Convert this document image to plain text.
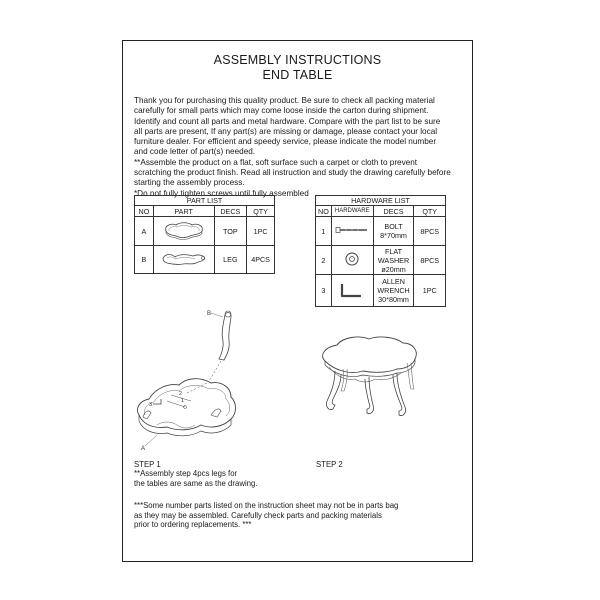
ASSEMBLY INSTRUCTIONS
END TABLE

Thank you for purchasing this quality product. Be sure to check all packing material

carefully for small parts which may come loose inside the carton during shipment.

Identify and count all parts and metal hardware. Compare with the part list to be sure

all parts are present, If any part(s) are missing or damage, please contact your local

furniture dealer. For efficient and speedy service, please indicate the model number

and code letter of part(s) needed.

**Assemble the product on a flat, soft surface such a carpet or cloth to prevent

scratching the product finish. Read all instruction and study the drawing carefully before

starting the assembly process.

*Do not fully tighten screws until fully assembled

PART LIST			
NO	PART	DECS	QTY
A		TOP	1PC
B		LEG	4PCS
HARDWARE LIST			
NO	HARDWARE	DECS	QTY
1		BOLT
8*70mm	8PCS
2		FLAT
WASHER
ø20mm	8PCS
3		ALLEN
WRENCH
30*80mm	1PC
B
3
2
1
A
STEP 1

**Assembly step 4pcs legs for

the tables are same as the drawing.

STEP 2

***Some number parts listed on the instruction sheet may not be in parts bag

as they may be assembled. Carefully check parts and packing materials

prior to ordering replacements. ***
